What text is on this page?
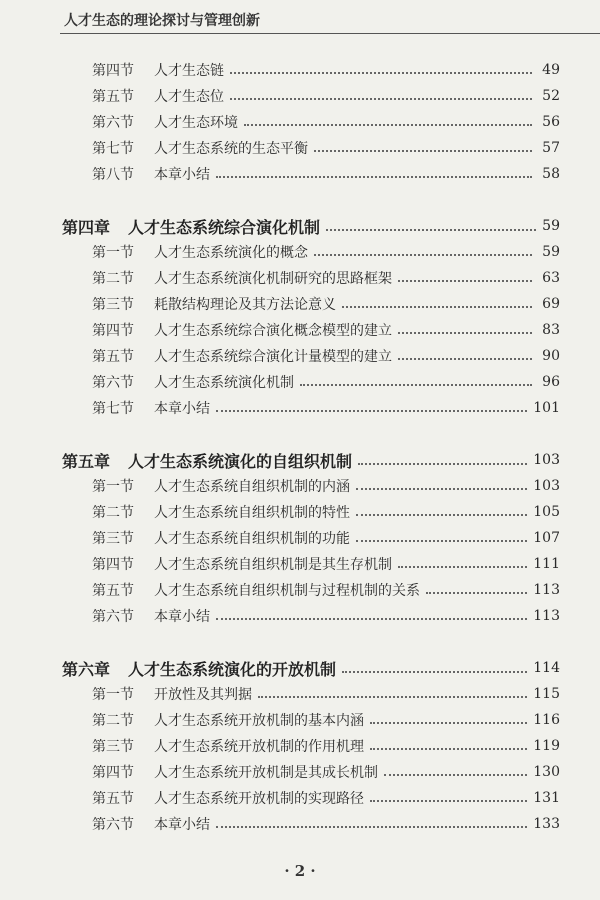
人才生态的理论探讨与管理创新
第四节	人才生态链	49
第五节	人才生态位	52
第六节	人才生态环境	56
第七节	人才生态系统的生态平衡	57
第八节	本章小结	58
第四章	人才生态系统综合演化机制	59
第一节	人才生态系统演化的概念	59
第二节	人才生态系统演化机制研究的思路框架	63
第三节	耗散结构理论及其方法论意义	69
第四节	人才生态系统综合演化概念模型的建立	83
第五节	人才生态系统综合演化计量模型的建立	90
第六节	人才生态系统演化机制	96
第七节	本章小结	101
第五章	人才生态系统演化的自组织机制	103
第一节	人才生态系统自组织机制的内涵	103
第二节	人才生态系统自组织机制的特性	105
第三节	人才生态系统自组织机制的功能	107
第四节	人才生态系统自组织机制是其生存机制	111
第五节	人才生态系统自组织机制与过程机制的关系	113
第六节	本章小结	113
第六章	人才生态系统演化的开放机制	114
第一节	开放性及其判据	115
第二节	人才生态系统开放机制的基本内涵	116
第三节	人才生态系统开放机制的作用机理	119
第四节	人才生态系统开放机制是其成长机制	130
第五节	人才生态系统开放机制的实现路径	131
第六节	本章小结	133
· 2 ·
